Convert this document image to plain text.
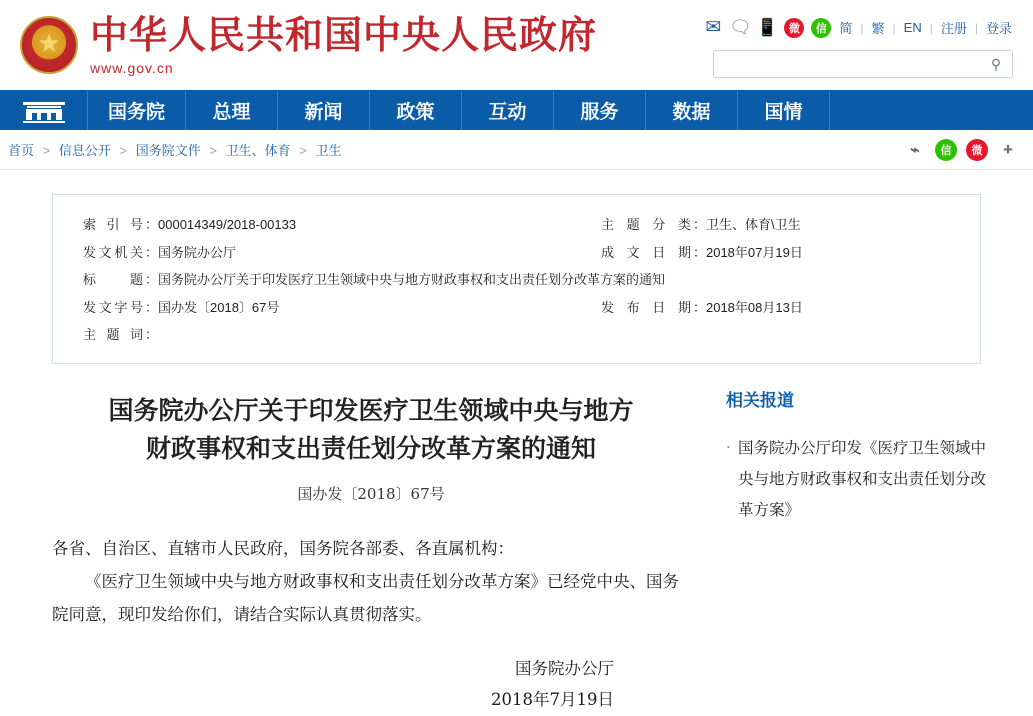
★ 中华人民共和国中央人民政府
www.gov.cn
✉ 🗨 📱 微	信 简 | 繁 | EN | 注册 | 登录
⚲
国务院	总理	新闻	政策	互动	服务	数据	国情
首页 > 信息公开 > 国务院文件 > 卫生、体育 > 卫生	⌁	信	微	+
索引号	：	000014349/2018-00133		主题分类	：	卫生、体育\卫生
发文机关	：	国务院办公厅		成文日期	：	2018年07月19日
标题	：	国务院办公厅关于印发医疗卫生领域中央与地方财政事权和支出责任划分改革方案的通知				
发文字号	：	国办发〔2018〕67号		发布日期	：	2018年08月13日
主题词	：					
国务院办公厅关于印发医疗卫生领域中央与地方
财政事权和支出责任划分改革方案的通知
国办发〔2018〕67号

各省、自治区、直辖市人民政府，国务院各部委、各直属机构：

《医疗卫生领域中央与地方财政事权和支出责任划分改革方案》已经党中央、国务院同意，现印发给你们，请结合实际认真贯彻落实。

国务院办公厅
2018年7月19日
相关报道
· 国务院办公厅印发《医疗卫生领域中央与地方财政事权和支出责任划分改革方案》
